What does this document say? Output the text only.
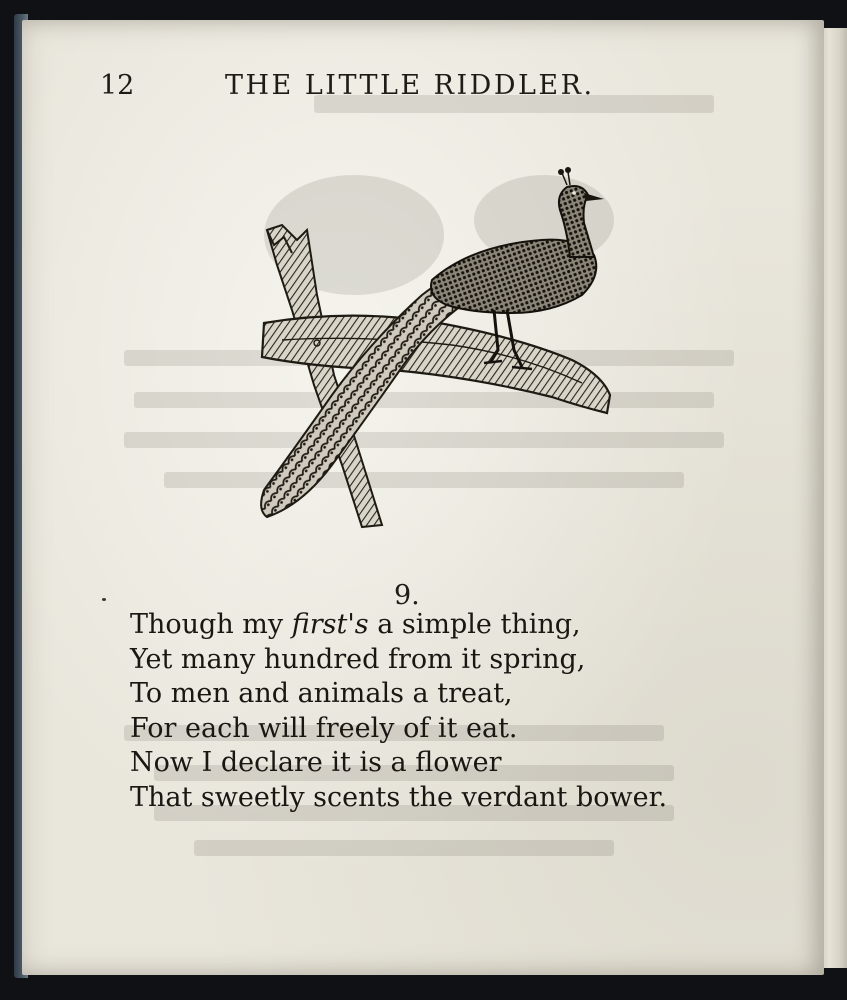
12	THE LITTLE RIDDLER.
9.
Though my first's a simple thing,
Yet many hundred from it spring,
To men and animals a treat,
For each will freely of it eat.
Now I declare it is a flower
That sweetly scents the verdant bower.
